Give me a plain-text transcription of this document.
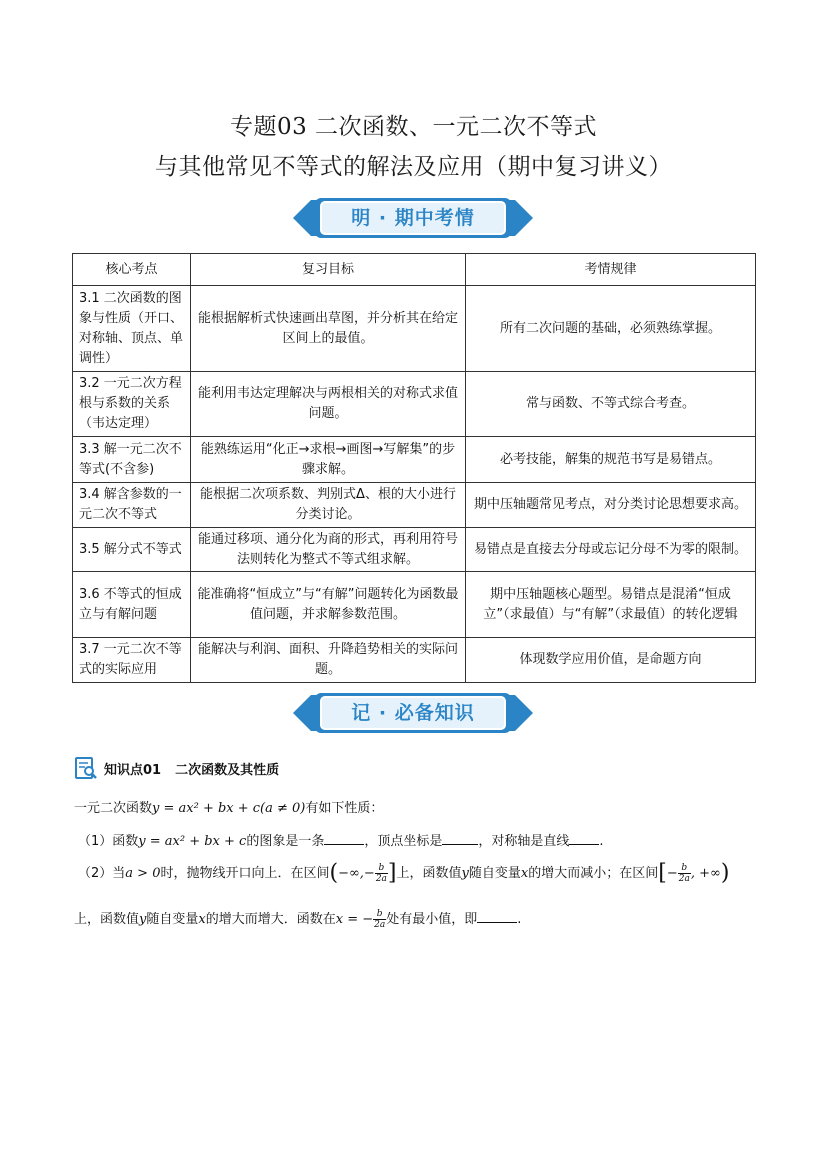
专题03 二次函数、一元二次不等式
与其他常见不等式的解法及应用（期中复习讲义）
明 · 期中考情
核心考点	复习目标	考情规律
3.1 二次函数的图象与性质（开口、对称轴、顶点、单调性）	能根据解析式快速画出草图，并分析其在给定区间上的最值。	所有二次问题的基础，必须熟练掌握。
3.2 一元二次方程根与系数的关系（韦达定理）	能利用韦达定理解决与两根相关的对称式求值问题。	常与函数、不等式综合考查。
3.3 解一元二次不等式(不含参)	能熟练运用“化正→求根→画图→写解集”的步骤求解。	必考技能，解集的规范书写是易错点。
3.4 解含参数的一元二次不等式	能根据二次项系数、判别式Δ、根的大小进行分类讨论。	期中压轴题常见考点，对分类讨论思想要求高。
3.5 解分式不等式	能通过移项、通分化为商的形式，再利用符号法则转化为整式不等式组求解。	易错点是直接去分母或忘记分母不为零的限制。
3.6 不等式的恒成立与有解问题	能准确将“恒成立”与“有解”问题转化为函数最值问题，并求解参数范围。	期中压轴题核心题型。易错点是混淆“恒成立”（求最值）与“有解”（求最值）的转化逻辑
3.7 一元二次不等式的实际应用	能解决与利润、面积、升降趋势相关的实际问题。	体现数学应用价值，是命题方向
记 · 必备知识
知识点01 二次函数及其性质
一元二次函数y = ax² + bx + c(a ≠ 0)有如下性质：
（1）函数y = ax² + bx + c的图象是一条	，顶点坐标是	，对称轴是直线 .
（2）当a > 0时，抛物线开口向上．在区间(−∞,− $\frac{b}{2a}$ ]上，函数值y随自变量x的增大而减小；在区间[− $\frac{b}{2a}$ , +∞)
上，函数值y随自变量x的增大而增大．函数在x = − $\frac{b}{2a}$ 处有最小值，即	.
